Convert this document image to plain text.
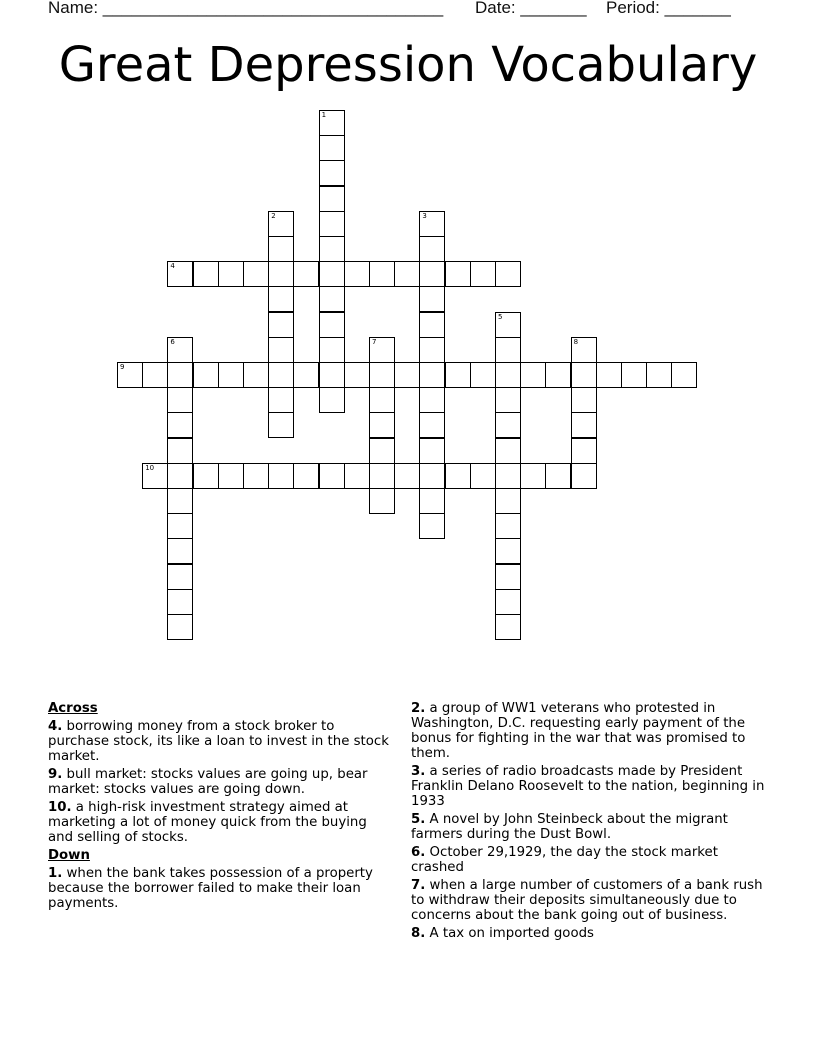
Name: ____________________________________ Date: _______ Period: _______
Great Depression Vocabulary
1
2	3
4
5
6	7	8
9
10
Across
4. borrowing money from a stock broker to purchase stock, its like a loan to invest in the stock market.
9. bull market: stocks values are going up, bear market: stocks values are going down.
10. a high-risk investment strategy aimed at marketing a lot of money quick from the buying and selling of stocks.
Down
1. when the bank takes possession of a property because the borrower failed to make their loan payments.
2. a group of WW1 veterans who protested in Washington, D.C. requesting early payment of the bonus for fighting in the war that was promised to them.
3. a series of radio broadcasts made by President Franklin Delano Roosevelt to the nation, beginning in 1933
5. A novel by John Steinbeck about the migrant farmers during the Dust Bowl.
6. October 29,1929, the day the stock market crashed
7. when a large number of customers of a bank rush to withdraw their deposits simultaneously due to concerns about the bank going out of business.
8. A tax on imported goods
